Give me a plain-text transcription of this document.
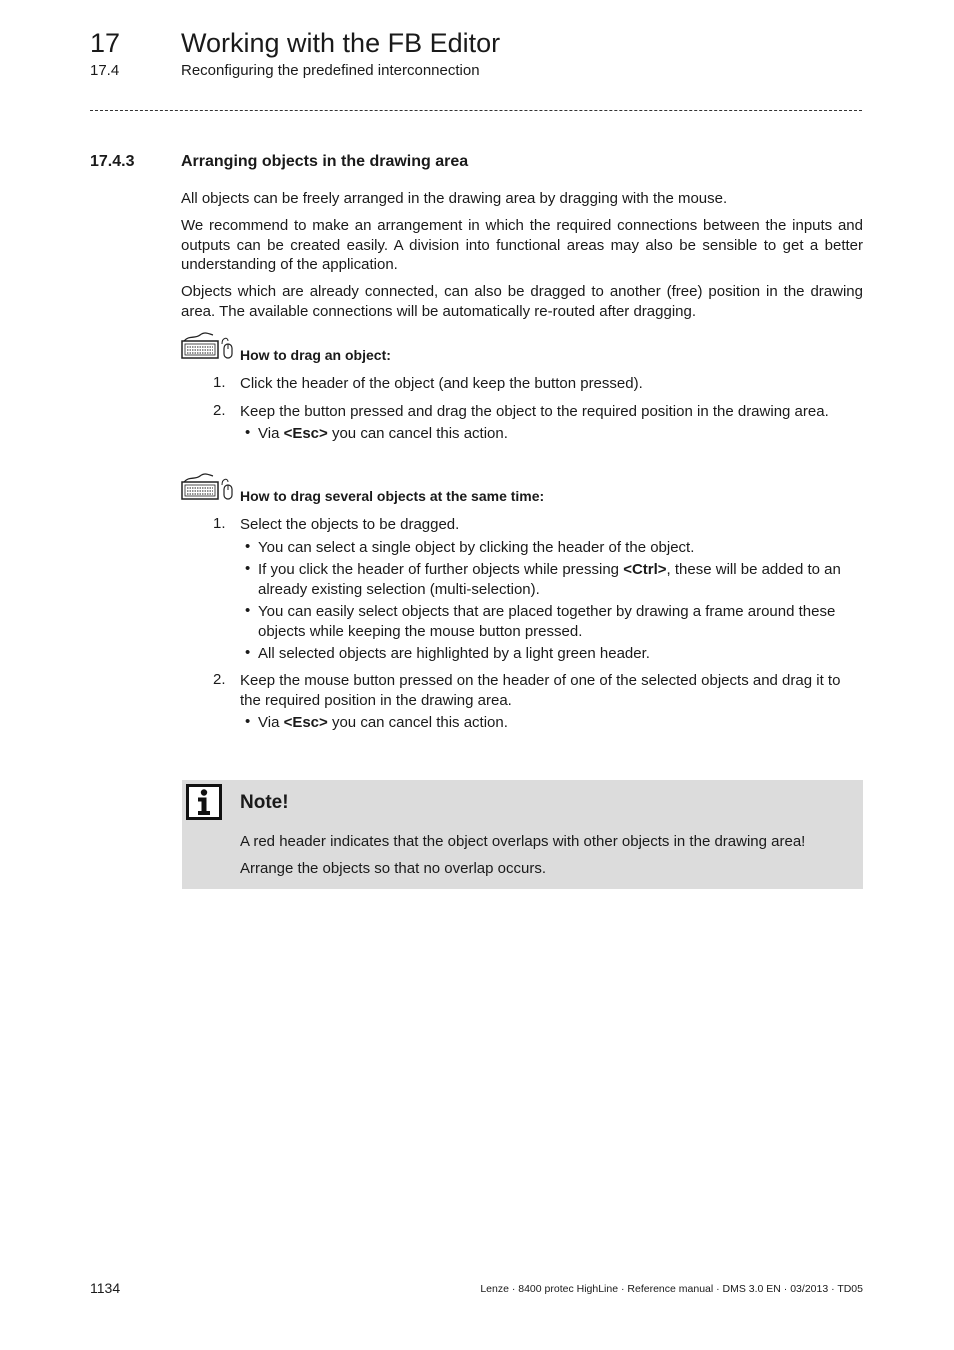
17 Working with the FB Editor
17.4	Reconfiguring the predefined interconnection
17.4.3	Arranging objects in the drawing area
All objects can be freely arranged in the drawing area by dragging with the mouse.
We recommend to make an arrangement in which the required connections between the inputs and outputs can be created easily. A division into functional areas may also be sensible to get a better understanding of the application.
Objects which are already connected, can also be dragged to another (free) position in the drawing area. The available connections will be automatically re-routed after dragging.
How to drag an object:
1. Click the header of the object (and keep the button pressed).
2. Keep the button pressed and drag the object to the required position in the drawing area.
• Via <Esc> you can cancel this action.
How to drag several objects at the same time:
1. Select the objects to be dragged.
• You can select a single object by clicking the header of the object.
• If you click the header of further objects while pressing <Ctrl>, these will be added to an already existing selection (multi-selection).
• You can easily select objects that are placed together by drawing a frame around these objects while keeping the mouse button pressed.
• All selected objects are highlighted by a light green header.
2. Keep the mouse button pressed on the header of one of the selected objects and drag it to the required position in the drawing area.
• Via <Esc> you can cancel this action.
Note!
A red header indicates that the object overlaps with other objects in the drawing area!
Arrange the objects so that no overlap occurs.
1134	Lenze · 8400 protec HighLine · Reference manual · DMS 3.0 EN · 03/2013 · TD05
